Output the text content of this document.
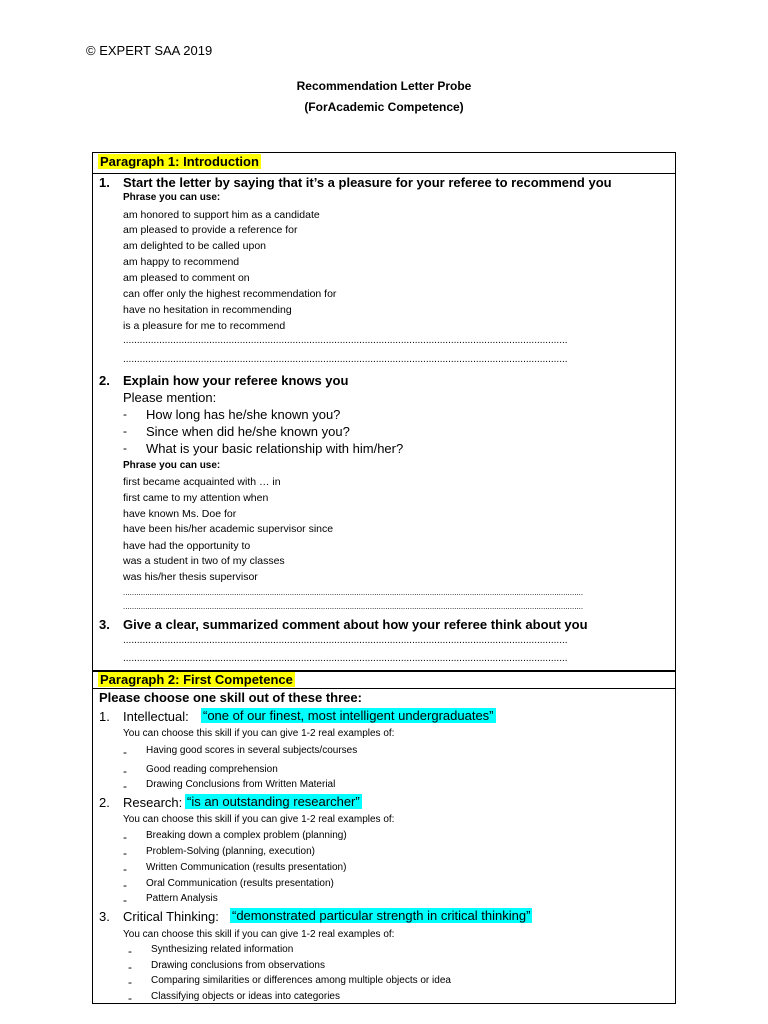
© EXPERT SAA 2019
Recommendation Letter Probe
(ForAcademic Competence)
Paragraph 1: Introduction
1. Start the letter by saying that it’s a pleasure for your referee to recommend you
Phrase you can use:
am honored to support him as a candidate
am pleased to provide a reference for
am delighted to be called upon
am happy to recommend
am pleased to comment on
can offer only the highest recommendation for
have no hesitation in recommending
is a pleasure for me to recommend
................................................................................................................................................................
................................................................................................................................................................
2. Explain how your referee knows you
Please mention:
- How long has he/she known you?
- Since when did he/she known you?
- What is your basic relationship with him/her?
Phrase you can use:
first became acquainted with … in
first came to my attention when
have known Ms. Doe for
have been his/her academic supervisor since
have had the opportunity to
was a student in two of my classes
was his/her thesis supervisor
...............................................................................................................................................................................................................
...............................................................................................................................................................................................................
3. Give a clear, summarized comment about how your referee think about you
................................................................................................................................................................
................................................................................................................................................................
Paragraph 2: First Competence
Please choose one skill out of these three:
1. Intellectual: “one of our finest, most intelligent undergraduates”
You can choose this skill if you can give 1-2 real examples of:
- Having good scores in several subjects/courses
- Good reading comprehension
- Drawing Conclusions from Written Material
2. Research: “is an outstanding researcher”
You can choose this skill if you can give 1-2 real examples of:
- Breaking down a complex problem (planning)
- Problem-Solving (planning, execution)
- Written Communication (results presentation)
- Oral Communication (results presentation)
- Pattern Analysis
3. Critical Thinking: “demonstrated particular strength in critical thinking”
You can choose this skill if you can give 1-2 real examples of:
- Synthesizing related information
- Drawing conclusions from observations
- Comparing similarities or differences among multiple objects or idea
- Classifying objects or ideas into categories
